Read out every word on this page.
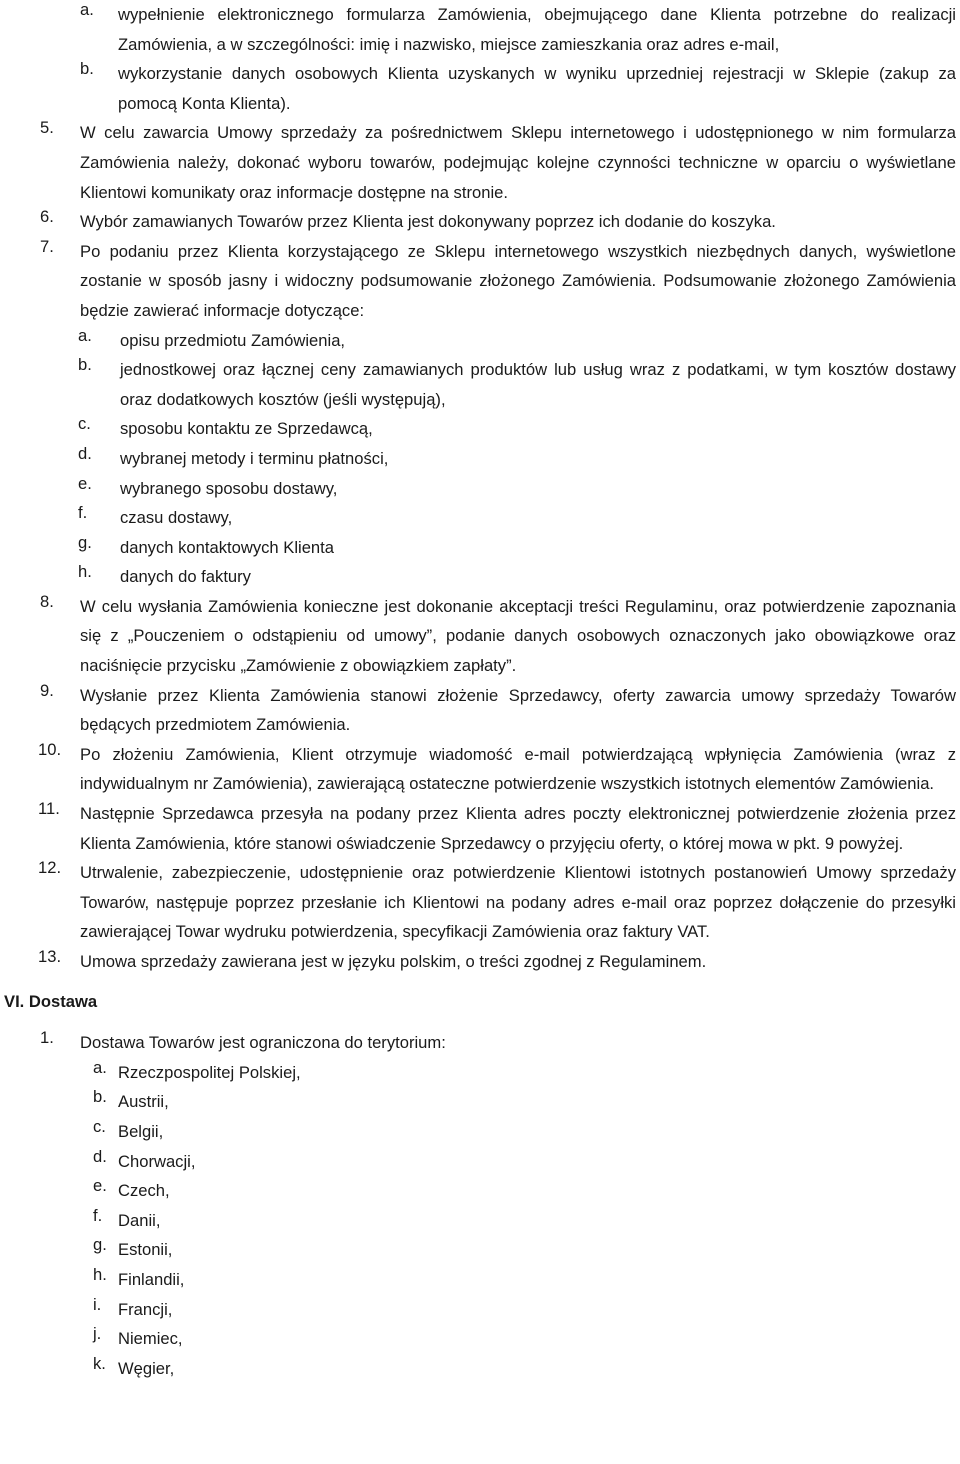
a. wypełnienie elektronicznego formularza Zamówienia, obejmującego dane Klienta potrzebne do realizacji Zamówienia, a w szczególności: imię i nazwisko, miejsce zamieszkania oraz adres e-mail,
b. wykorzystanie danych osobowych Klienta uzyskanych w wyniku uprzedniej rejestracji w Sklepie (zakup za pomocą Konta Klienta).
5. W celu zawarcia Umowy sprzedaży za pośrednictwem Sklepu internetowego i udostępnionego w nim formularza Zamówienia należy, dokonać wyboru towarów, podejmując kolejne czynności techniczne w oparciu o wyświetlane Klientowi komunikaty oraz informacje dostępne na stronie.
6. Wybór zamawianych Towarów przez Klienta jest dokonywany poprzez ich dodanie do koszyka.
7. Po podaniu przez Klienta korzystającego ze Sklepu internetowego wszystkich niezbędnych danych, wyświetlone zostanie w sposób jasny i widoczny podsumowanie złożonego Zamówienia. Podsumowanie złożonego Zamówienia będzie zawierać informacje dotyczące:
a. opisu przedmiotu Zamówienia,
b. jednostkowej oraz łącznej ceny zamawianych produktów lub usług wraz z podatkami, w tym kosztów dostawy oraz dodatkowych kosztów (jeśli występują),
c. sposobu kontaktu ze Sprzedawcą,
d. wybranej metody i terminu płatności,
e. wybranego sposobu dostawy,
f. czasu dostawy,
g. danych kontaktowych Klienta
h. danych do faktury
8. W celu wysłania Zamówienia konieczne jest dokonanie akceptacji treści Regulaminu, oraz potwierdzenie zapoznania się z „Pouczeniem o odstąpieniu od umowy”, podanie danych osobowych oznaczonych jako obowiązkowe oraz naciśnięcie przycisku „Zamówienie z obowiązkiem zapłaty”.
9. Wysłanie przez Klienta Zamówienia stanowi złożenie Sprzedawcy, oferty zawarcia umowy sprzedaży Towarów będących przedmiotem Zamówienia.
10. Po złożeniu Zamówienia, Klient otrzymuje wiadomość e-mail potwierdzającą wpłynięcia Zamówienia (wraz z indywidualnym nr Zamówienia), zawierającą ostateczne potwierdzenie wszystkich istotnych elementów Zamówienia.
11. Następnie Sprzedawca przesyła na podany przez Klienta adres poczty elektronicznej potwierdzenie złożenia przez Klienta Zamówienia, które stanowi oświadczenie Sprzedawcy o przyjęciu oferty, o której mowa w pkt. 9 powyżej.
12. Utrwalenie, zabezpieczenie, udostępnienie oraz potwierdzenie Klientowi istotnych postanowień Umowy sprzedaży Towarów, następuje poprzez przesłanie ich Klientowi na podany adres e-mail oraz poprzez dołączenie do przesyłki zawierającej Towar wydruku potwierdzenia, specyfikacji Zamówienia oraz faktury VAT.
13. Umowa sprzedaży zawierana jest w języku polskim, o treści zgodnej z Regulaminem.
VI. Dostawa
1. Dostawa Towarów jest ograniczona do terytorium:
a. Rzeczpospolitej Polskiej,
b. Austrii,
c. Belgii,
d. Chorwacji,
e. Czech,
f. Danii,
g. Estonii,
h. Finlandii,
i. Francji,
j. Niemiec,
k. Węgier,
